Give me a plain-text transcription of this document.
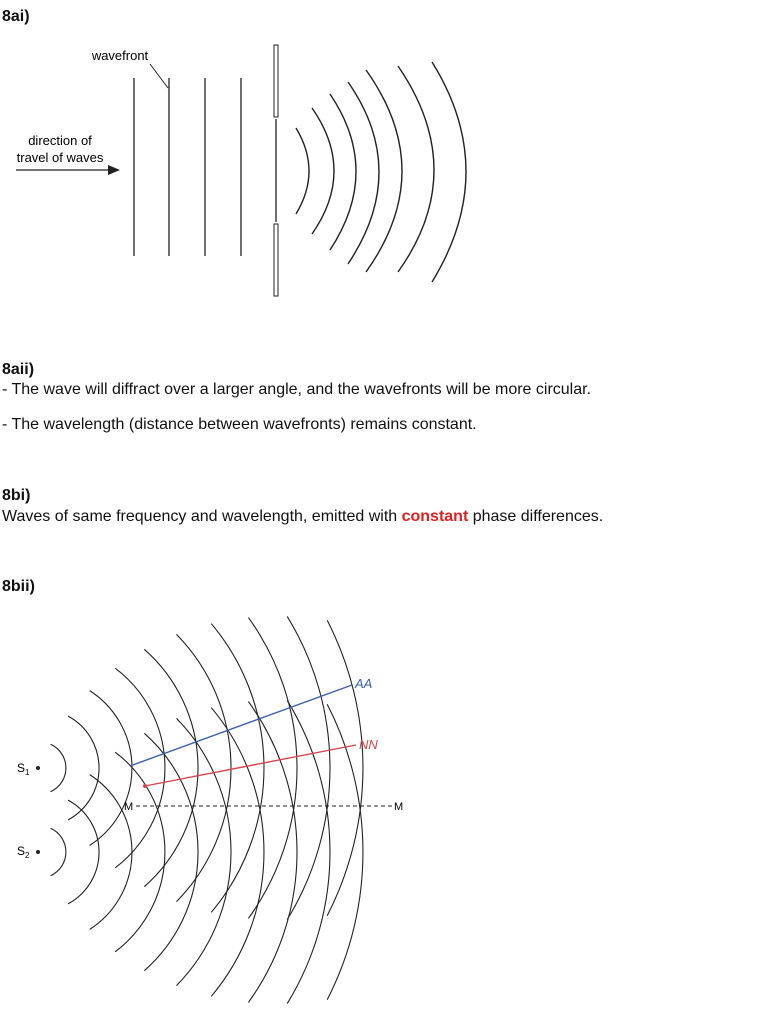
8ai)

wavefront
direction of
travel of waves

8aii)

- The wave will diffract over a larger angle, and the wavefronts will be more circular.

- The wavelength (distance between wavefronts) remains constant.

8bi)

Waves of same frequency and wavelength, emitted with constant phase differences.

8bii)

$S_1$
$S_2$
M	M
AA
NN
